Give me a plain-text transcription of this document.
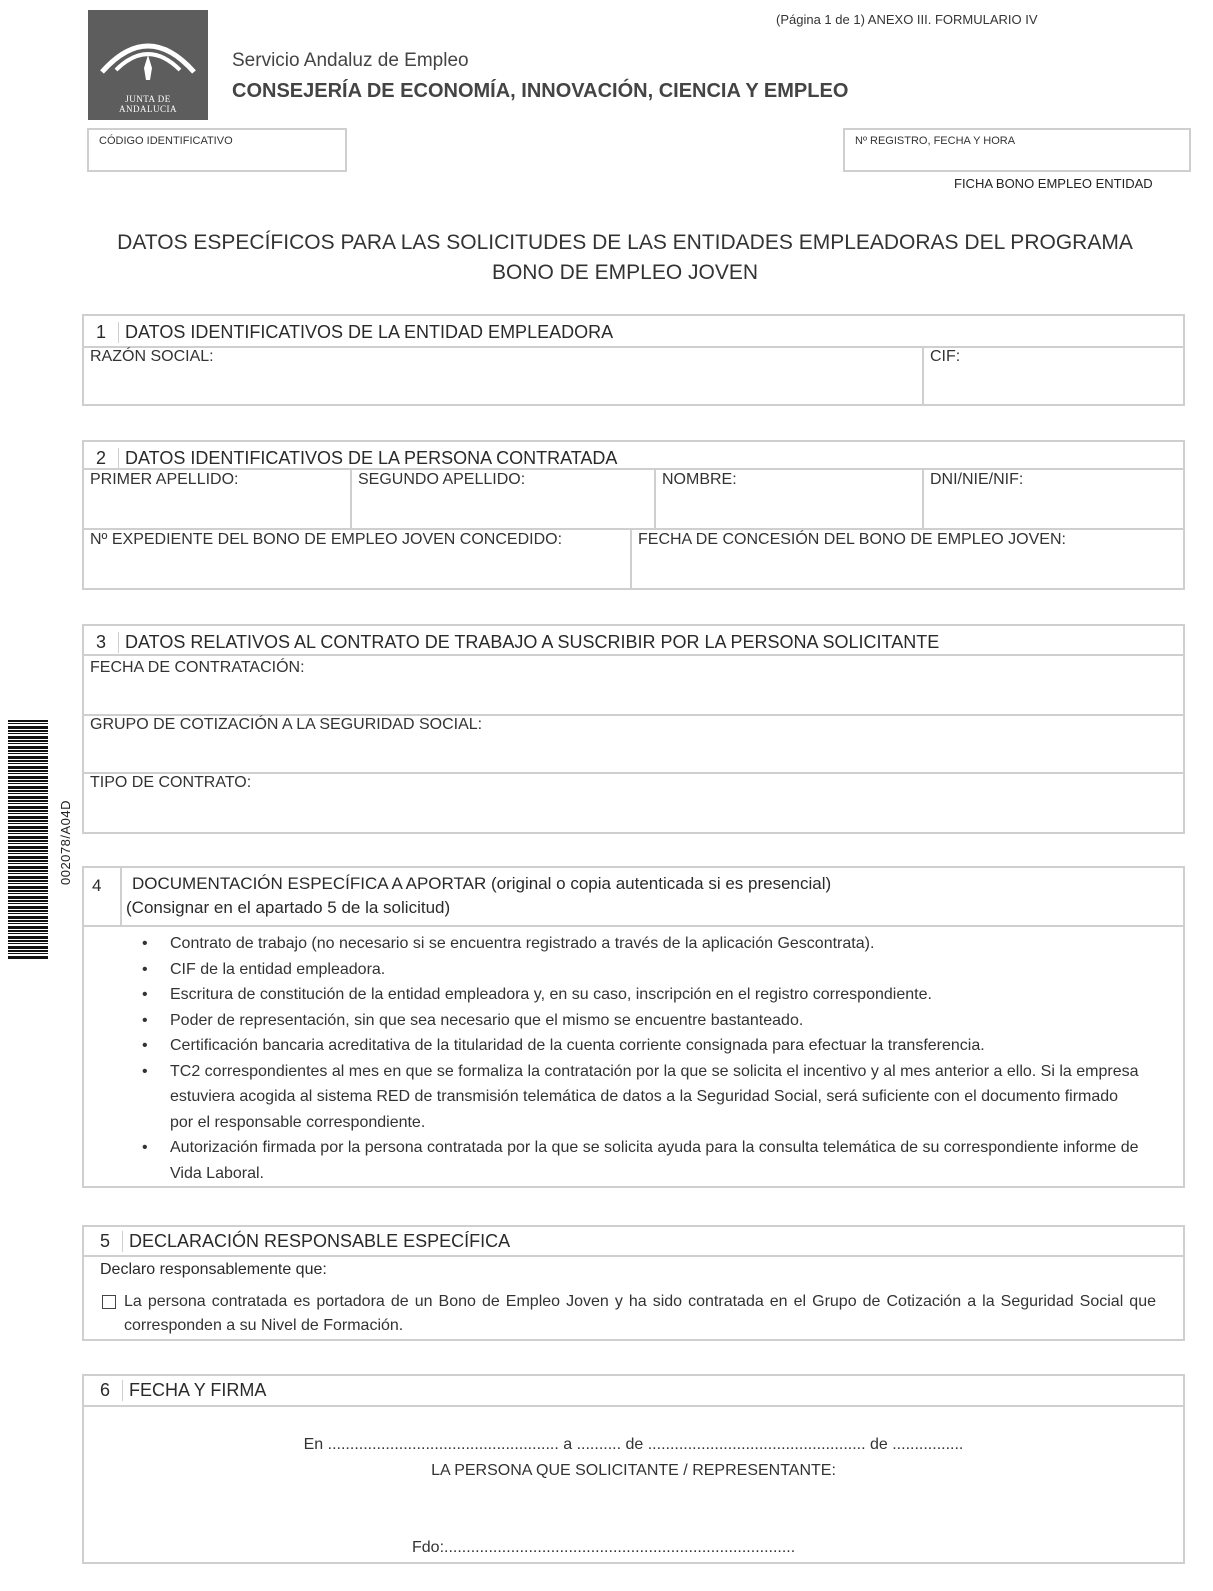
(Página 1 de 1) ANEXO III. FORMULARIO IV
JUNTA DE ANDALUCIA
Servicio Andaluz de Empleo
CONSEJERÍA DE ECONOMÍA, INNOVACIÓN, CIENCIA Y EMPLEO
CÓDIGO IDENTIFICATIVO	Nº REGISTRO, FECHA Y HORA
FICHA BONO EMPLEO ENTIDAD
DATOS ESPECÍFICOS PARA LAS SOLICITUDES DE LAS ENTIDADES EMPLEADORAS DEL PROGRAMA
BONO DE EMPLEO JOVEN
002078/A04D
1 DATOS IDENTIFICATIVOS DE LA ENTIDAD EMPLEADORA
RAZÓN SOCIAL:	CIF:
2 DATOS IDENTIFICATIVOS DE LA PERSONA CONTRATADA
PRIMER APELLIDO:	SEGUNDO APELLIDO:	NOMBRE:	DNI/NIE/NIF:
Nº EXPEDIENTE DEL BONO DE EMPLEO JOVEN CONCEDIDO:	FECHA DE CONCESIÓN DEL BONO DE EMPLEO JOVEN:
3 DATOS RELATIVOS AL CONTRATO DE TRABAJO A SUSCRIBIR POR LA PERSONA SOLICITANTE
FECHA DE CONTRATACIÓN:
GRUPO DE COTIZACIÓN A LA SEGURIDAD SOCIAL:
TIPO DE CONTRATO:
4 DOCUMENTACIÓN ESPECÍFICA A APORTAR (original o copia autenticada si es presencial)
(Consignar en el apartado 5 de la solicitud)
• Contrato de trabajo (no necesario si se encuentra registrado a través de la aplicación Gescontrata).
• CIF de la entidad empleadora.
• Escritura de constitución de la entidad empleadora y, en su caso, inscripción en el registro correspondiente.
• Poder de representación, sin que sea necesario que el mismo se encuentre bastanteado.
• Certificación bancaria acreditativa de la titularidad de la cuenta corriente consignada para efectuar la transferencia.
• TC2 correspondientes al mes en que se formaliza la contratación por la que se solicita el incentivo y al mes anterior a ello. Si la empresa estuviera acogida al sistema RED de transmisión telemática de datos a la Seguridad Social, será suficiente con el documento firmado por el responsable correspondiente.
• Autorización firmada por la persona contratada por la que se solicita ayuda para la consulta telemática de su correspondiente informe de Vida Laboral.
5 DECLARACIÓN RESPONSABLE ESPECÍFICA
Declaro responsablemente que:
La persona contratada es portadora de un Bono de Empleo Joven y ha sido contratada en el Grupo de Cotización a la Seguridad Social que corresponden a su Nivel de Formación.
6 FECHA Y FIRMA
En .................................................... a .......... de ................................................. de ................
LA PERSONA QUE SOLICITANTE / REPRESENTANTE:
Fdo:...............................................................................
